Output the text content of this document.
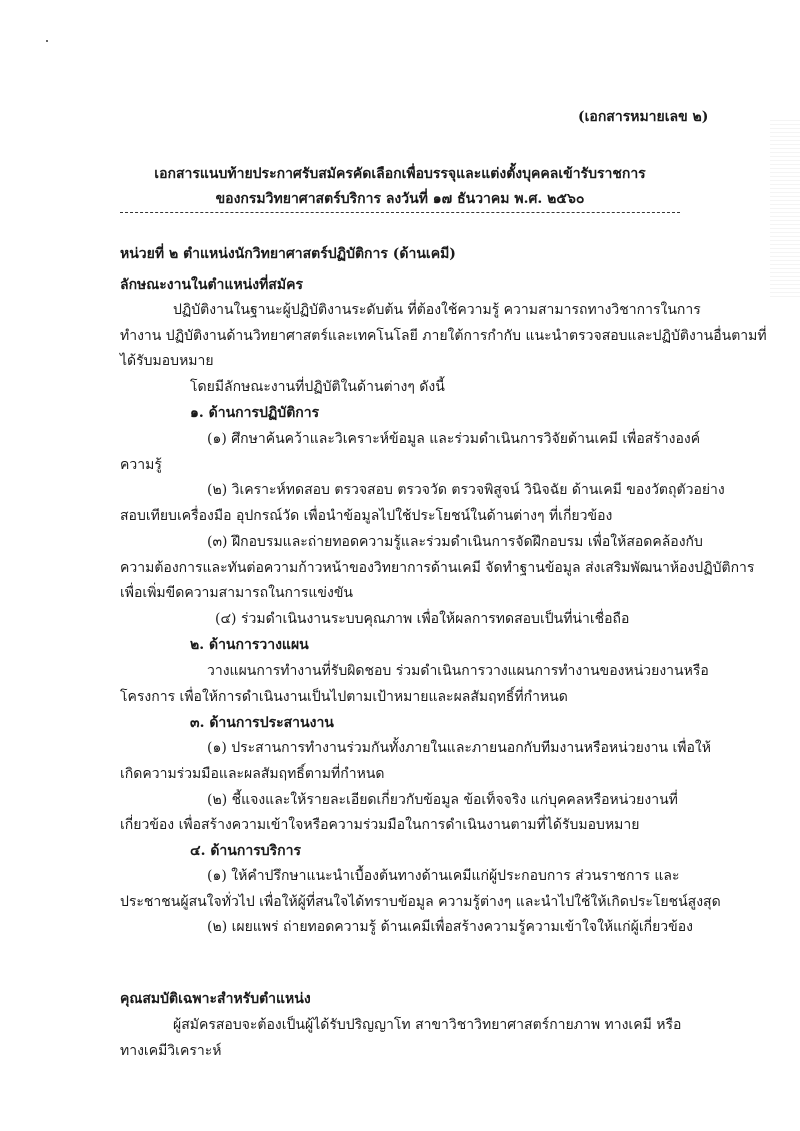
(เอกสารหมายเลข ๒)
เอกสารแนบท้ายประกาศรับสมัครคัดเลือกเพื่อบรรจุและแต่งตั้งบุคคลเข้ารับราชการ
ของกรมวิทยาศาสตร์บริการ ลงวันที่ ๑๗ ธันวาคม พ.ศ. ๒๕๖๐
หน่วยที่ ๒ ตำแหน่งนักวิทยาศาสตร์ปฏิบัติการ (ด้านเคมี)
ลักษณะงานในตำแหน่งที่สมัคร
ปฏิบัติงานในฐานะผู้ปฏิบัติงานระดับต้น ที่ต้องใช้ความรู้ ความสามารถทางวิชาการในการ
ทำงาน ปฏิบัติงานด้านวิทยาศาสตร์และเทคโนโลยี ภายใต้การกำกับ แนะนำตรวจสอบและปฏิบัติงานอื่นตามที่
ได้รับมอบหมาย
โดยมีลักษณะงานที่ปฏิบัติในด้านต่างๆ ดังนี้
๑. ด้านการปฏิบัติการ
(๑) ศึกษาค้นคว้าและวิเคราะห์ข้อมูล และร่วมดำเนินการวิจัยด้านเคมี เพื่อสร้างองค์
ความรู้
(๒) วิเคราะห์ทดสอบ ตรวจสอบ ตรวจวัด ตรวจพิสูจน์ วินิจฉัย ด้านเคมี ของวัตถุตัวอย่าง
สอบเทียบเครื่องมือ อุปกรณ์วัด เพื่อนำข้อมูลไปใช้ประโยชน์ในด้านต่างๆ ที่เกี่ยวข้อง
(๓) ฝึกอบรมและถ่ายทอดความรู้และร่วมดำเนินการจัดฝึกอบรม เพื่อให้สอดคล้องกับ
ความต้องการและทันต่อความก้าวหน้าของวิทยาการด้านเคมี จัดทำฐานข้อมูล ส่งเสริมพัฒนาห้องปฏิบัติการ
เพื่อเพิ่มขีดความสามารถในการแข่งขัน
(๔) ร่วมดำเนินงานระบบคุณภาพ เพื่อให้ผลการทดสอบเป็นที่น่าเชื่อถือ
๒. ด้านการวางแผน
วางแผนการทำงานที่รับผิดชอบ ร่วมดำเนินการวางแผนการทำงานของหน่วยงานหรือ
โครงการ เพื่อให้การดำเนินงานเป็นไปตามเป้าหมายและผลสัมฤทธิ์ที่กำหนด
๓. ด้านการประสานงาน
(๑) ประสานการทำงานร่วมกันทั้งภายในและภายนอกกับทีมงานหรือหน่วยงาน เพื่อให้
เกิดความร่วมมือและผลสัมฤทธิ์ตามที่กำหนด
(๒) ชี้แจงและให้รายละเอียดเกี่ยวกับข้อมูล ข้อเท็จจริง แก่บุคคลหรือหน่วยงานที่
เกี่ยวข้อง เพื่อสร้างความเข้าใจหรือความร่วมมือในการดำเนินงานตามที่ได้รับมอบหมาย
๔. ด้านการบริการ
(๑) ให้คำปรึกษาแนะนำเบื้องต้นทางด้านเคมีแก่ผู้ประกอบการ ส่วนราชการ และ
ประชาชนผู้สนใจทั่วไป เพื่อให้ผู้ที่สนใจได้ทราบข้อมูล ความรู้ต่างๆ และนำไปใช้ให้เกิดประโยชน์สูงสุด
(๒) เผยแพร่ ถ่ายทอดความรู้ ด้านเคมีเพื่อสร้างความรู้ความเข้าใจให้แก่ผู้เกี่ยวข้อง
คุณสมบัติเฉพาะสำหรับตำแหน่ง
ผู้สมัครสอบจะต้องเป็นผู้ได้รับปริญญาโท สาขาวิชาวิทยาศาสตร์กายภาพ ทางเคมี หรือ
ทางเคมีวิเคราะห์
